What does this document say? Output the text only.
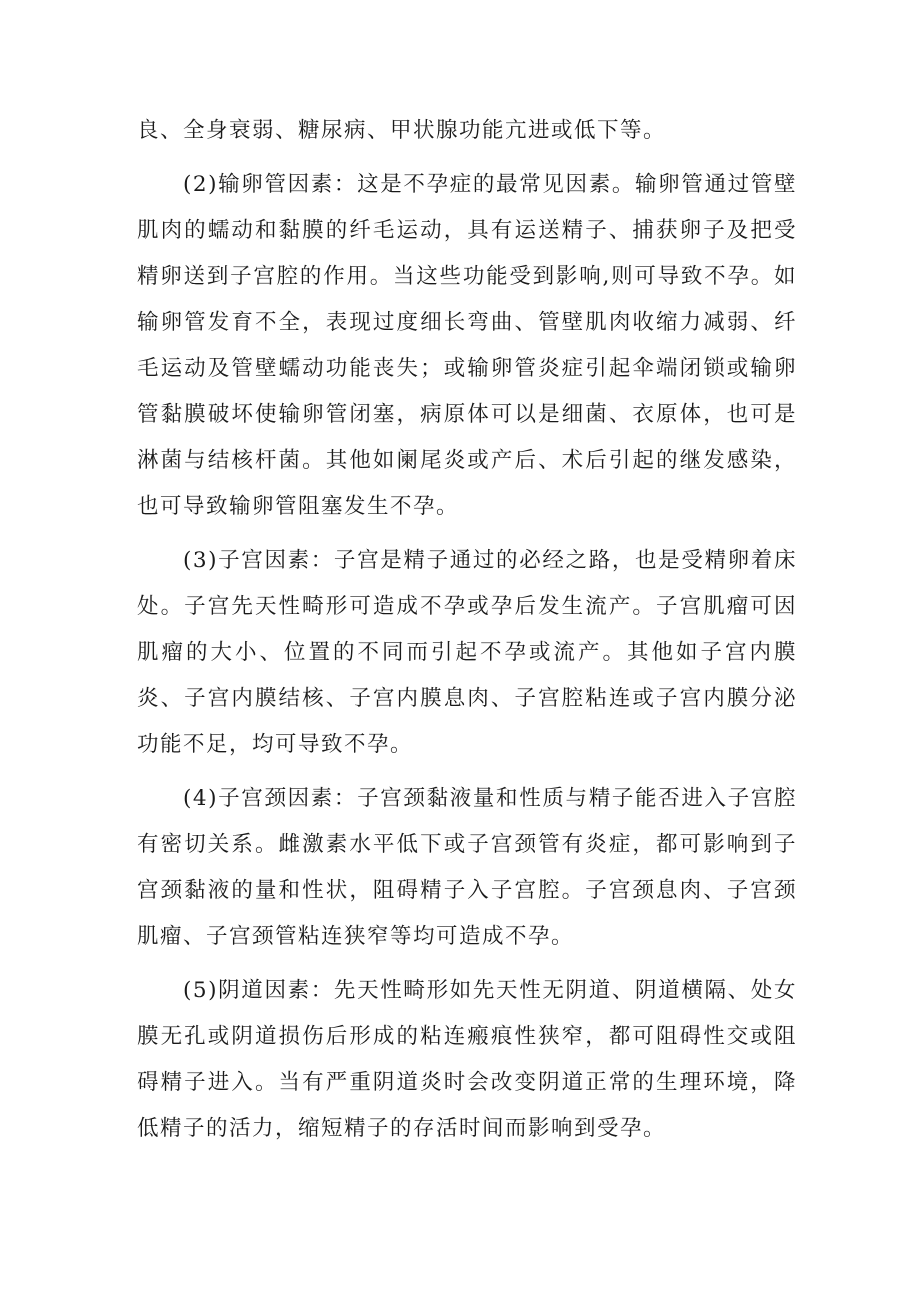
良、全身衰弱、糖尿病、甲状腺功能亢进或低下等。

(2)输卵管因素：这是不孕症的最常见因素。输卵管通过管壁肌肉的蠕动和黏膜的纤毛运动，具有运送精子、捕获卵子及把受精卵送到子宫腔的作用。当这些功能受到影响,则可导致不孕。如输卵管发育不全，表现过度细长弯曲、管壁肌肉收缩力减弱、纤毛运动及管壁蠕动功能丧失；或输卵管炎症引起伞端闭锁或输卵管黏膜破坏使输卵管闭塞，病原体可以是细菌、衣原体，也可是淋菌与结核杆菌。其他如阑尾炎或产后、术后引起的继发感染，也可导致输卵管阻塞发生不孕。

(3)子宫因素：子宫是精子通过的必经之路，也是受精卵着床处。子宫先天性畸形可造成不孕或孕后发生流产。子宫肌瘤可因肌瘤的大小、位置的不同而引起不孕或流产。其他如子宫内膜炎、子宫内膜结核、子宫内膜息肉、子宫腔粘连或子宫内膜分泌功能不足，均可导致不孕。

(4)子宫颈因素：子宫颈黏液量和性质与精子能否进入子宫腔有密切关系。雌激素水平低下或子宫颈管有炎症，都可影响到子宫颈黏液的量和性状，阻碍精子入子宫腔。子宫颈息肉、子宫颈肌瘤、子宫颈管粘连狭窄等均可造成不孕。

(5)阴道因素：先天性畸形如先天性无阴道、阴道横隔、处女膜无孔或阴道损伤后形成的粘连瘢痕性狭窄，都可阻碍性交或阻碍精子进入。当有严重阴道炎时会改变阴道正常的生理环境，降低精子的活力，缩短精子的存活时间而影响到受孕。
